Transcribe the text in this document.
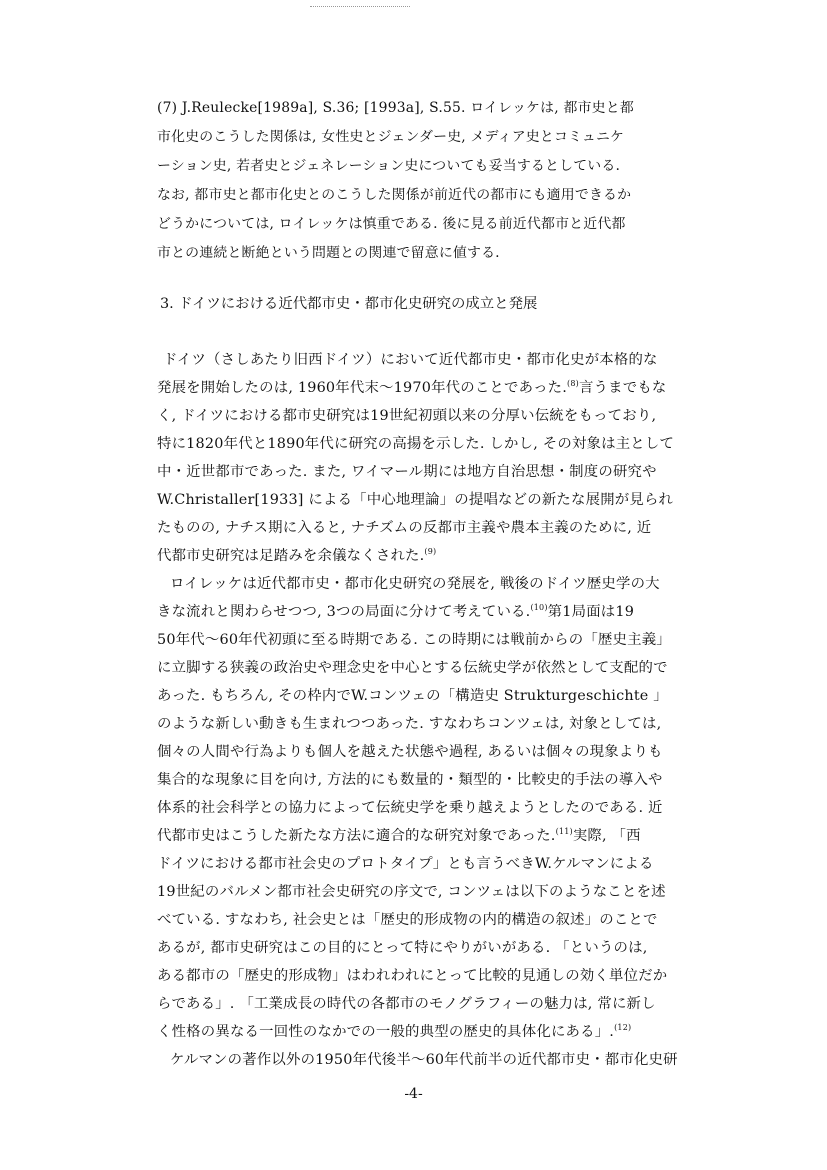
(7) J.Reulecke[1989a], S.36; [1993a], S.55. ロイレッケは, 都市史と都
市化史のこうした関係は, 女性史とジェンダー史, メディア史とコミュニケ
ーション史, 若者史とジェネレーション史についても妥当するとしている.
なお, 都市史と都市化史とのこうした関係が前近代の都市にも適用できるか
どうかについては, ロイレッケは慎重である. 後に見る前近代都市と近代都
市との連続と断絶という問題との関連で留意に値する.
3. ドイツにおける近代都市史・都市化史研究の成立と発展
ドイツ（さしあたり旧西ドイツ）において近代都市史・都市化史が本格的な
発展を開始したのは, 1960年代末～1970年代のことであった.$^{(8)}$言うまでもな
く, ドイツにおける都市史研究は19世紀初頭以来の分厚い伝統をもっており,
特に1820年代と1890年代に研究の高揚を示した. しかし, その対象は主として
中・近世都市であった. また, ワイマール期には地方自治思想・制度の研究や
W.Christaller[1933] による「中心地理論」の提唱などの新たな展開が見られ
たものの, ナチス期に入ると, ナチズムの反都市主義や農本主義のために, 近
代都市史研究は足踏みを余儀なくされた.$^{(9)}$
ロイレッケは近代都市史・都市化史研究の発展を, 戦後のドイツ歴史学の大
きな流れと関わらせつつ, 3つの局面に分けて考えている.$^{(10)}$第1局面は19
50年代～60年代初頭に至る時期である. この時期には戦前からの「歴史主義」
に立脚する狭義の政治史や理念史を中心とする伝統史学が依然として支配的で
あった. もちろん, その枠内でW.コンツェの「構造史 Strukturgeschichte 」
のような新しい動きも生まれつつあった. すなわちコンツェは, 対象としては,
個々の人間や行為よりも個人を越えた状態や過程, あるいは個々の現象よりも
集合的な現象に目を向け, 方法的にも数量的・類型的・比較史的手法の導入や
体系的社会科学との協力によって伝統史学を乗り越えようとしたのである. 近
代都市史はこうした新たな方法に適合的な研究対象であった.$^{(11)}$実際, 「西
ドイツにおける都市社会史のプロトタイプ」とも言うべきW.ケルマンによる
19世紀のバルメン都市社会史研究の序文で, コンツェは以下のようなことを述
べている. すなわち, 社会史とは「歴史的形成物の内的構造の叙述」のことで
あるが, 都市史研究はこの目的にとって特にやりがいがある. 「というのは,
ある都市の「歴史的形成物」はわれわれにとって比較的見通しの効く単位だか
らである」. 「工業成長の時代の各都市のモノグラフィーの魅力は, 常に新し
く性格の異なる一回性のなかでの一般的典型の歴史的具体化にある」.$^{(12)}$
ケルマンの著作以外の1950年代後半～60年代前半の近代都市史・都市化史研
-4-
